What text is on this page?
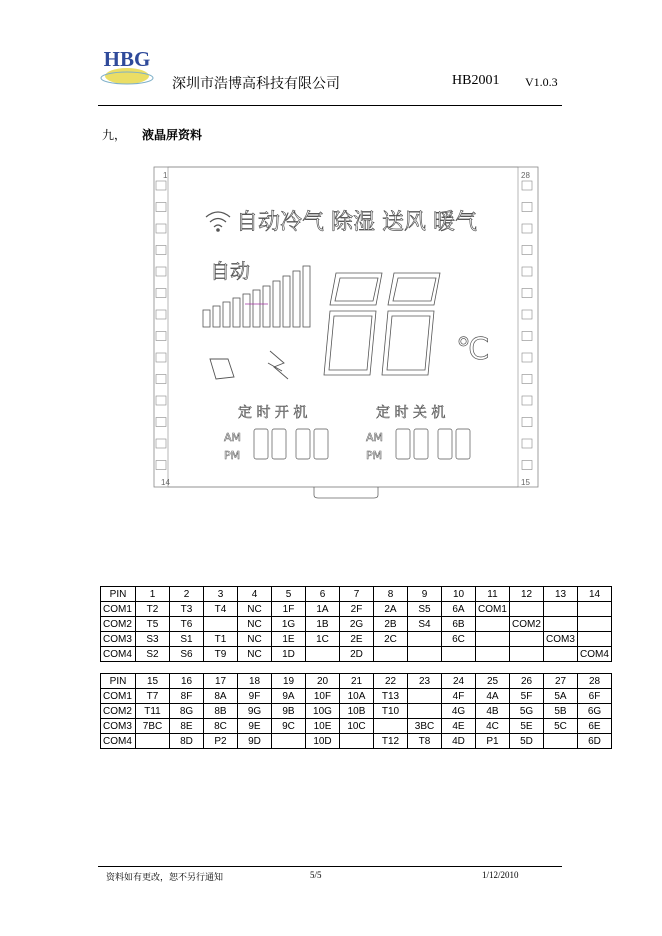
HBG
深圳市浩博高科技有限公司	HB2001 V1.0.3
九， 液晶屏资料
1	28
14	15
自动冷气 除湿 送风 暖气
自动
℃
定 时 开 机	定 时 关 机
AM
PM
AM
PM
PIN	1	2	3	4	5	6	7	8	9	10	11	12	13	14
COM1	T2	T3	T4	NC	1F	1A	2F	2A	S5	6A	COM1			
COM2	T5	T6		NC	1G	1B	2G	2B	S4	6B		COM2		
COM3	S3	S1	T1	NC	1E	1C	2E	2C		6C			COM3	
COM4	S2	S6	T9	NC	1D		2D							COM4
PIN	15	16	17	18	19	20	21	22	23	24	25	26	27	28
COM1	T7	8F	8A	9F	9A	10F	10A	T13		4F	4A	5F	5A	6F
COM2	T11	8G	8B	9G	9B	10G	10B	T10		4G	4B	5G	5B	6G
COM3	7BC	8E	8C	9E	9C	10E	10C		3BC	4E	4C	5E	5C	6E
COM4		8D	P2	9D		10D		T12	T8	4D	P1	5D		6D
资料如有更改，恕不另行通知	5/5	1/12/2010
